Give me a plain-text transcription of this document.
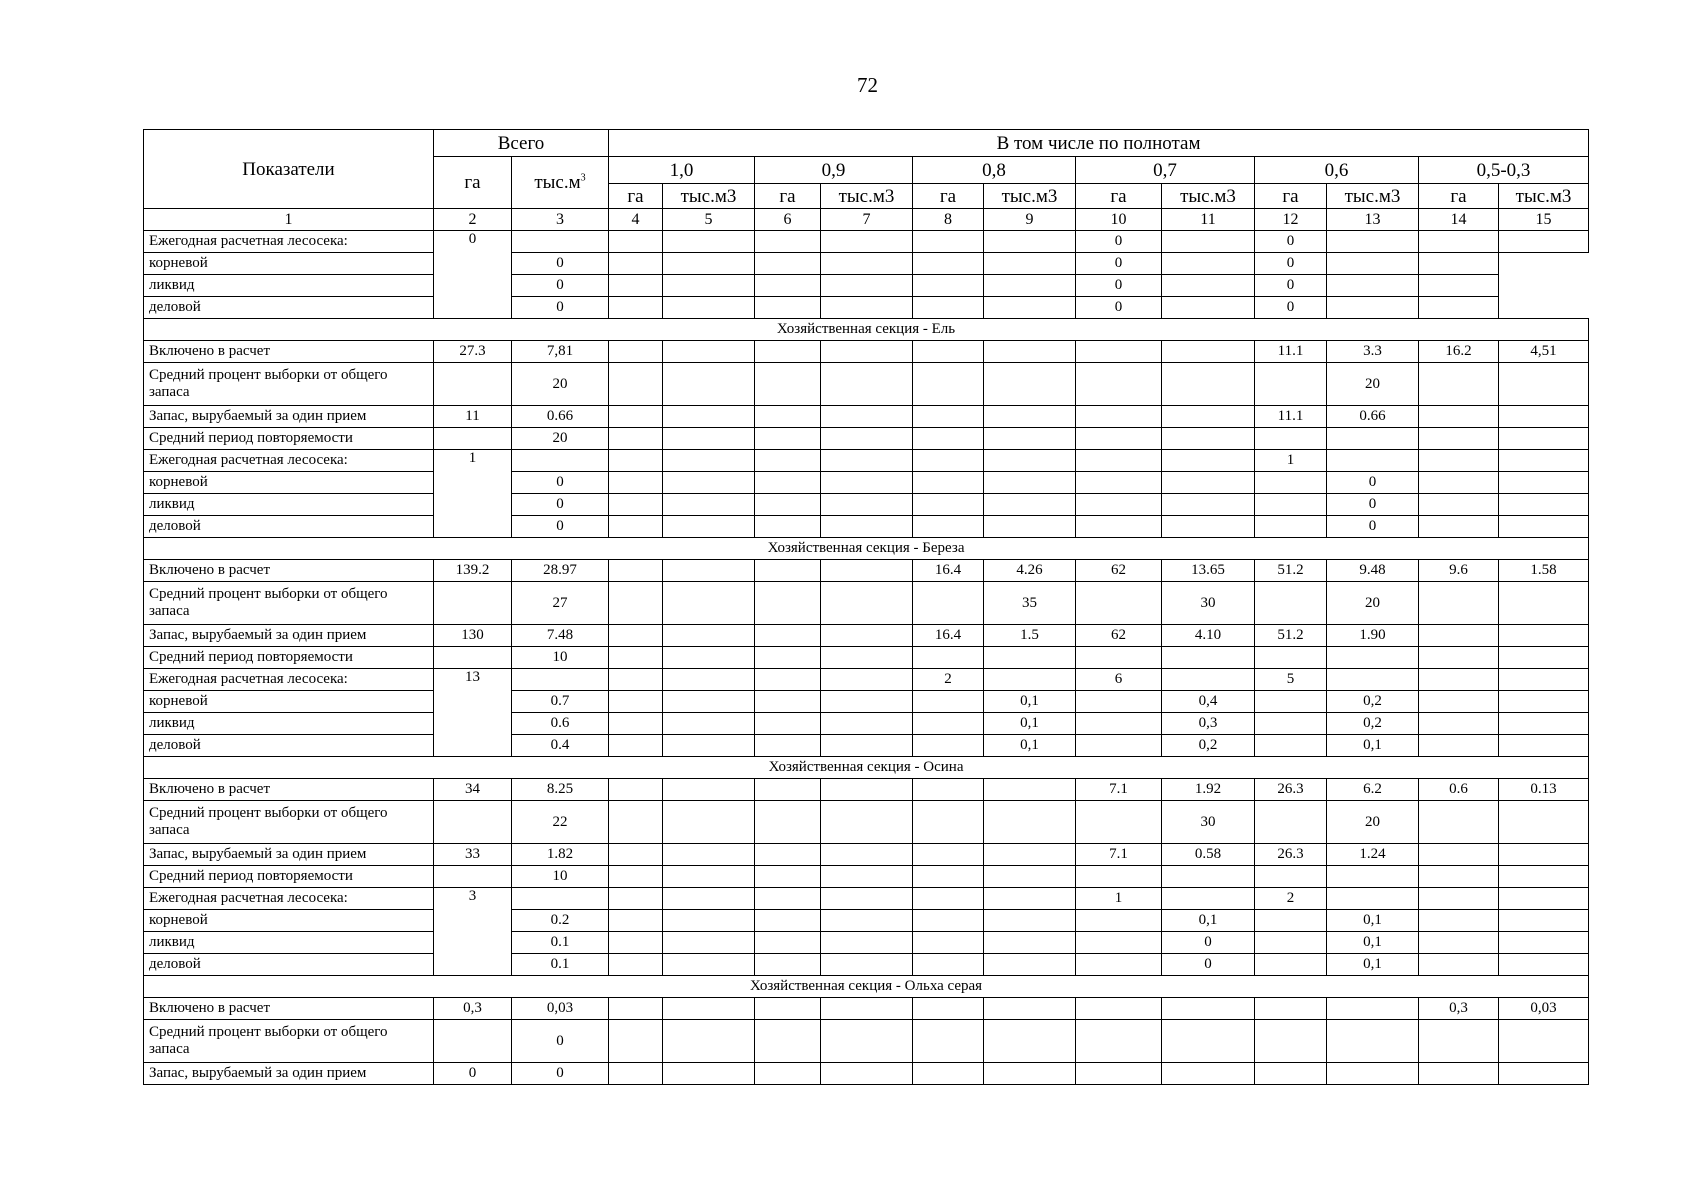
72
Показатели	Всего		В том числе по полнотам											
	га	$тыс.м^3$	1,0		0,9		0,8		0,7		0,6		0,5-0,3	
			га	тыс.м3	га	тыс.м3	га	тыс.м3	га	тыс.м3	га	тыс.м3	га	тыс.м3
1	2	3	4	5	6	7	8	9	10	11	12	13	14	15
Ежегодная расчетная лесосека:	0								0		0			
корневой		0							0		0			
ликвид		0							0		0			
деловой		0							0		0			
Хозяйственная секция - Ель														
Включено в расчет	27.3	7,81									11.1	3.3	16.2	4,51
Средний процент выборки от общего запаса		20										20		
Запас, вырубаемый за один прием	11	0.66									11.1	0.66		
Средний период повторяемости		20												
Ежегодная расчетная лесосека:	1										1			
корневой		0										0		
ликвид		0										0		
деловой		0										0		
Хозяйственная секция - Береза														
Включено в расчет	139.2	28.97					16.4	4.26	62	13.65	51.2	9.48	9.6	1.58
Средний процент выборки от общего запаса		27						35		30		20		
Запас, вырубаемый за один прием	130	7.48					16.4	1.5	62	4.10	51.2	1.90		
Средний период повторяемости		10												
Ежегодная расчетная лесосека:	13						2		6		5			
корневой		0.7						0,1		0,4		0,2		
ликвид		0.6						0,1		0,3		0,2		
деловой		0.4						0,1		0,2		0,1		
Хозяйственная секция - Осина														
Включено в расчет	34	8.25							7.1	1.92	26.3	6.2	0.6	0.13
Средний процент выборки от общего запаса		22								30		20		
Запас, вырубаемый за один прием	33	1.82							7.1	0.58	26.3	1.24		
Средний период повторяемости		10												
Ежегодная расчетная лесосека:	3								1		2			
корневой		0.2								0,1		0,1		
ликвид		0.1								0		0,1		
деловой		0.1								0		0,1		
Хозяйственная секция - Ольха серая														
Включено в расчет	0,3	0,03											0,3	0,03
Средний процент выборки от общего запаса		0												
Запас, вырубаемый за один прием	0	0												
